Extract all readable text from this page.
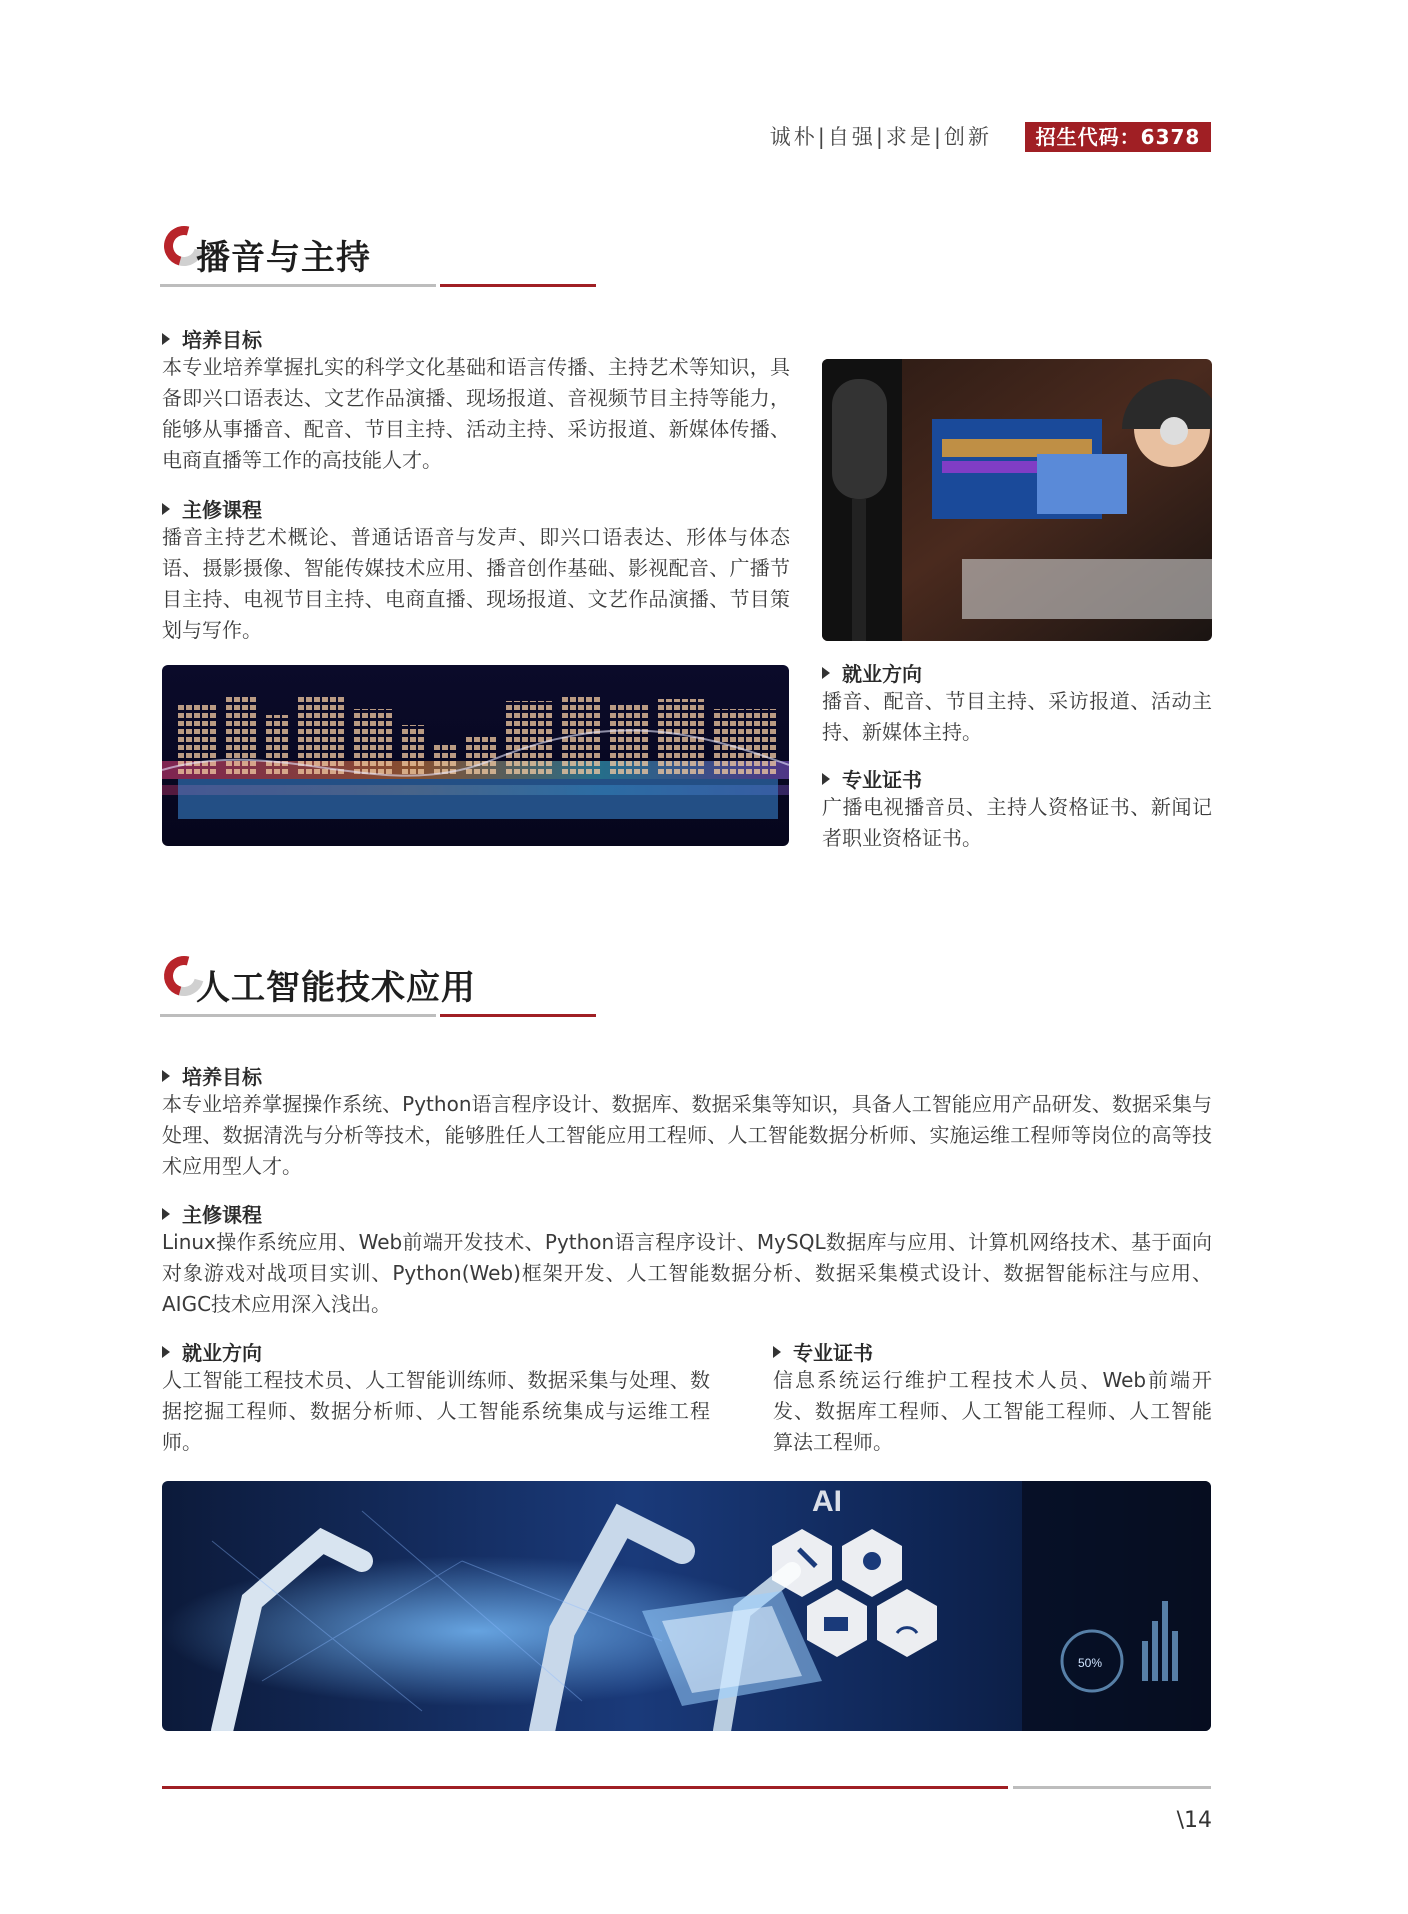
诚朴|自强|求是|创新	招生代码：6378
播音与主持
培养目标
本专业培养掌握扎实的科学文化基础和语言传播、主持艺术等知识，具备即兴口语表达、文艺作品演播、现场报道、音视频节目主持等能力，能够从事播音、配音、节目主持、活动主持、采访报道、新媒体传播、电商直播等工作的高技能人才。
主修课程
播音主持艺术概论、普通话语音与发声、即兴口语表达、形体与体态语、摄影摄像、智能传媒技术应用、播音创作基础、影视配音、广播节目主持、电视节目主持、电商直播、现场报道、文艺作品演播、节目策划与写作。
就业方向
播音、配音、节目主持、采访报道、活动主持、新媒体主持。
专业证书
广播电视播音员、主持人资格证书、新闻记者职业资格证书。
人工智能技术应用
培养目标
本专业培养掌握操作系统、Python语言程序设计、数据库、数据采集等知识，具备人工智能应用产品研发、数据采集与处理、数据清洗与分析等技术，能够胜任人工智能应用工程师、人工智能数据分析师、实施运维工程师等岗位的高等技术应用型人才。
主修课程
Linux操作系统应用、Web前端开发技术、Python语言程序设计、MySQL数据库与应用、计算机网络技术、基于面向对象游戏对战项目实训、Python(Web)框架开发、人工智能数据分析、数据采集模式设计、数据智能标注与应用、AIGC技术应用深入浅出。
就业方向
人工智能工程技术员、人工智能训练师、数据采集与处理、数据挖掘工程师、数据分析师、人工智能系统集成与运维工程师。
专业证书
信息系统运行维护工程技术人员、Web前端开发、数据库工程师、人工智能工程师、人工智能算法工程师。
AI
50%
\14
